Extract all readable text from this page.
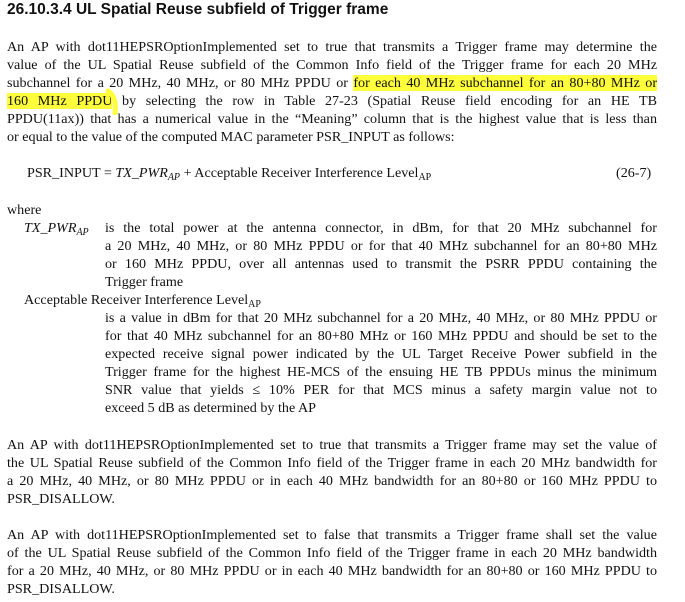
26.10.3.4 UL Spatial Reuse subfield of Trigger frame
An AP with dot11HEPSROptionImplemented set to true that transmits a Trigger frame may determine the
value of the UL Spatial Reuse subfield of the Common Info field of the Trigger frame for each 20 MHz
subchannel for a 20 MHz, 40 MHz, or 80 MHz PPDU or for each 40 MHz subchannel for an 80+80 MHz or
160 MHz PPDU by selecting the row in Table 27-23 (Spatial Reuse field encoding for an HE TB
PPDU(11ax)) that has a numerical value in the “Meaning” column that is the highest value that is less than
or equal to the value of the computed MAC parameter PSR_INPUT as follows:
PSR_INPUT = $TX\_PWR_{AP}$ + Acceptable Receiver Interference Level$_{AP}$	(26-7)
where
$TX\_PWR_{AP}$ is the total power at the antenna connector, in dBm, for that 20 MHz subchannel for
a 20 MHz, 40 MHz, or 80 MHz PPDU or for that 40 MHz subchannel for an 80+80 MHz
or 160 MHz PPDU, over all antennas used to transmit the PSRR PPDU containing the
Trigger frame
Acceptable Receiver Interference Level$_{AP}$
is a value in dBm for that 20 MHz subchannel for a 20 MHz, 40 MHz, or 80 MHz PPDU or
for that 40 MHz subchannel for an 80+80 MHz or 160 MHz PPDU and should be set to the
expected receive signal power indicated by the UL Target Receive Power subfield in the
Trigger frame for the highest HE-MCS of the ensuing HE TB PPDUs minus the minimum
SNR value that yields ≤ 10% PER for that MCS minus a safety margin value not to
exceed 5 dB as determined by the AP
An AP with dot11HEPSROptionImplemented set to true that transmits a Trigger frame may set the value of
the UL Spatial Reuse subfield of the Common Info field of the Trigger frame in each 20 MHz bandwidth for
a 20 MHz, 40 MHz, or 80 MHz PPDU or in each 40 MHz bandwidth for an 80+80 or 160 MHz PPDU to
PSR_DISALLOW.
An AP with dot11HEPSROptionImplemented set to false that transmits a Trigger frame shall set the value
of the UL Spatial Reuse subfield of the Common Info field of the Trigger frame in each 20 MHz bandwidth
for a 20 MHz, 40 MHz, or 80 MHz PPDU or in each 40 MHz bandwidth for an 80+80 or 160 MHz PPDU to
PSR_DISALLOW.
